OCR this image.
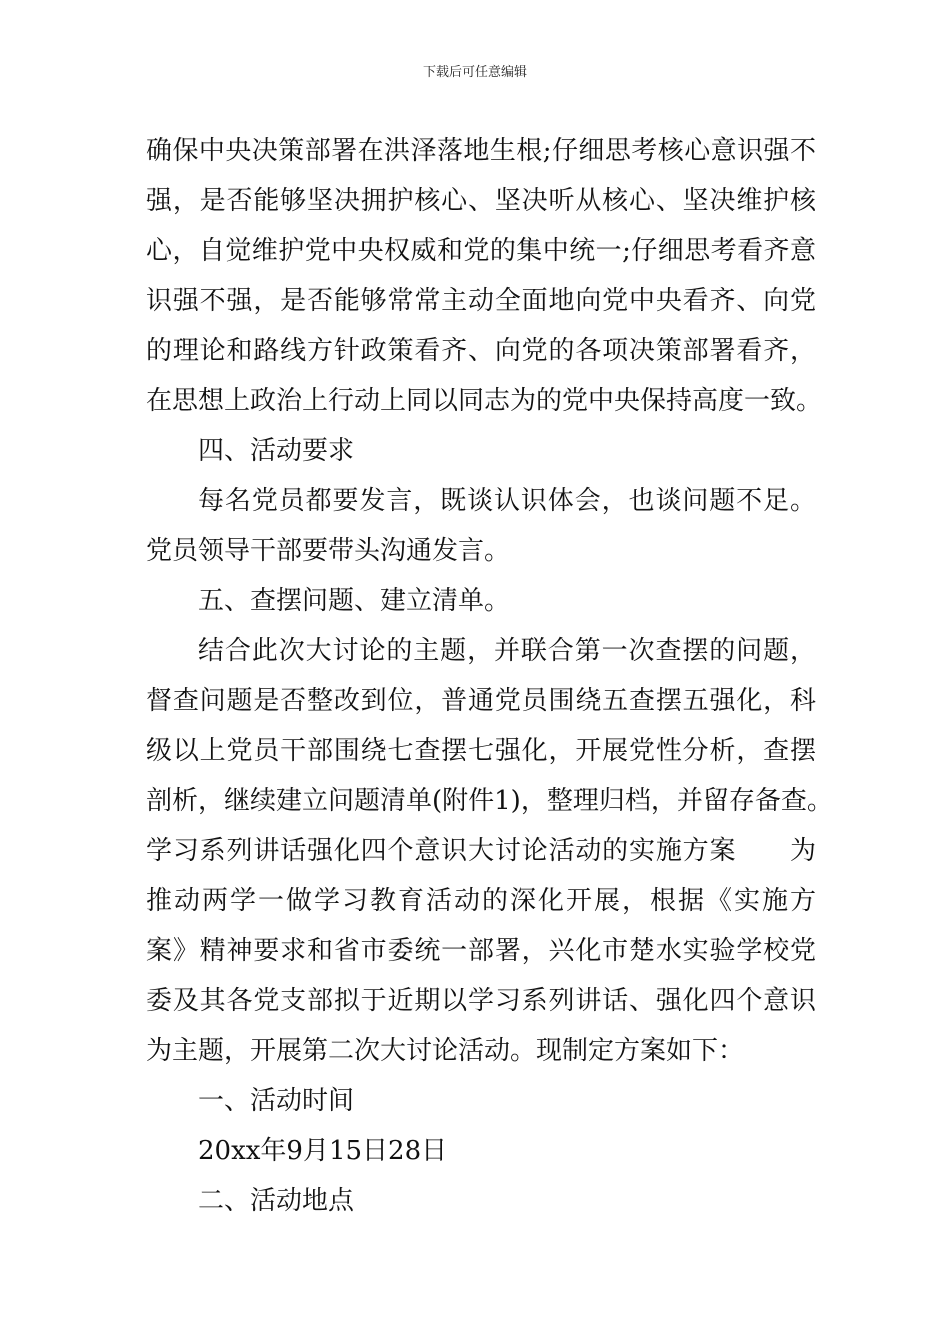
下载后可任意编辑
确保中央决策部署在洪泽落地生根;仔细思考核心意识强不
强，是否能够坚决拥护核心、坚决听从核心、坚决维护核
心，自觉维护党中央权威和党的集中统一;仔细思考看齐意
识强不强，是否能够常常主动全面地向党中央看齐、向党
的理论和路线方针政策看齐、向党的各项决策部署看齐，
在思想上政治上行动上同以同志为的党中央保持高度一致。
四、活动要求
每名党员都要发言，既谈认识体会，也谈问题不足。
党员领导干部要带头沟通发言。
五、查摆问题、建立清单。
结合此次大讨论的主题，并联合第一次查摆的问题，
督查问题是否整改到位，普通党员围绕五查摆五强化，科
级以上党员干部围绕七查摆七强化，开展党性分析，查摆
剖析，继续建立问题清单(附件1)，整理归档，并留存备查。
学习系列讲话强化四个意识大讨论活动的实施方案　　为
推动两学一做学习教育活动的深化开展，根据《实施方
案》精神要求和省市委统一部署，兴化市楚水实验学校党
委及其各党支部拟于近期以学习系列讲话、强化四个意识
为主题，开展第二次大讨论活动。现制定方案如下：
一、活动时间
20xx年9月15日28日
二、活动地点
